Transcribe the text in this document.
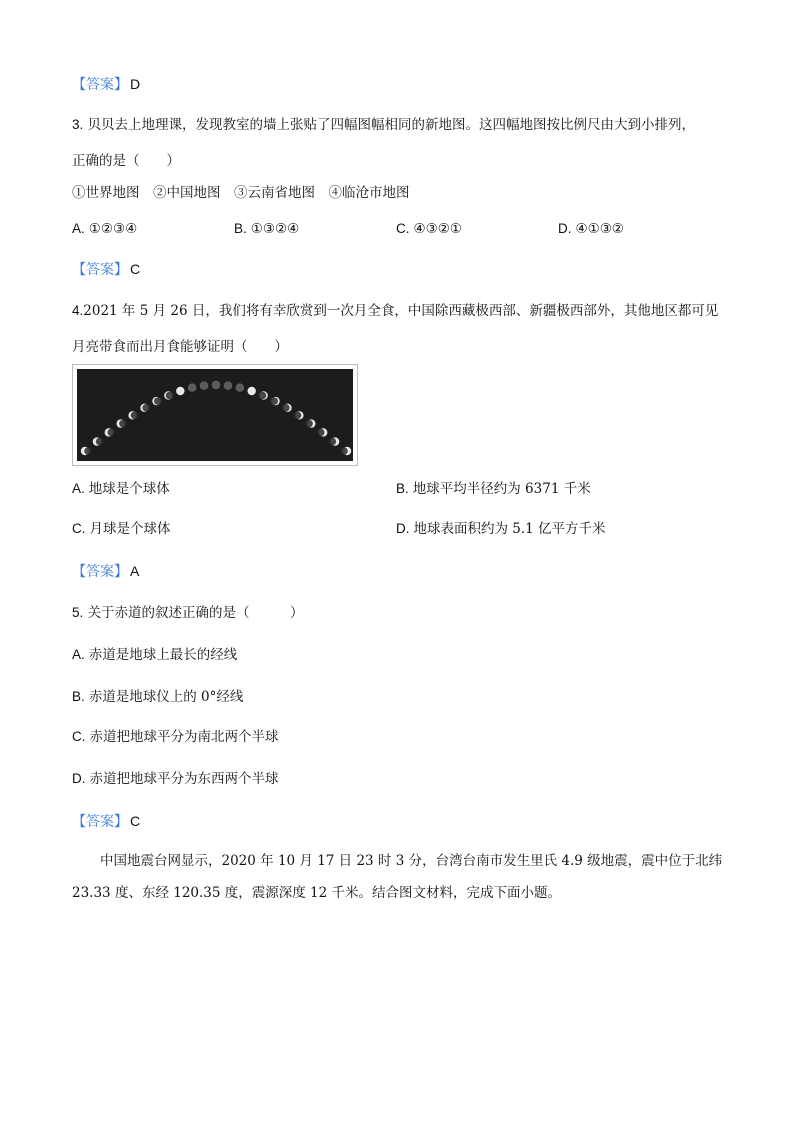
【答案】 D
3. 贝贝去上地理课，发现教室的墙上张贴了四幅图幅相同的新地图。这四幅地图按比例尺由大到小排列，
正确的是（　　）
①世界地图　②中国地图　③云南省地图　④临沧市地图
A. ①②③④	B. ①③②④	C. ④③②①	D. ④①③②
【答案】 C
4.2021 年 5 月 26 日，我们将有幸欣赏到一次月全食，中国除西藏极西部、新疆极西部外，其他地区都可见
月亮带食而出月食能够证明（　　）
A. 地球是个球体	B. 地球平均半径约为 6371 千米
C. 月球是个球体	D. 地球表面积约为 5.1 亿平方千米
【答案】 A
5. 关于赤道的叙述正确的是（　　　）
A. 赤道是地球上最长的经线
B. 赤道是地球仪上的 0°经线
C. 赤道把地球平分为南北两个半球
D. 赤道把地球平分为东西两个半球
【答案】 C
中国地震台网显示，2020 年 10 月 17 日 23 时 3 分，台湾台南市发生里氏 4.9 级地震，震中位于北纬
23.33 度、东经 120.35 度，震源深度 12 千米。结合图文材料，完成下面小题。
